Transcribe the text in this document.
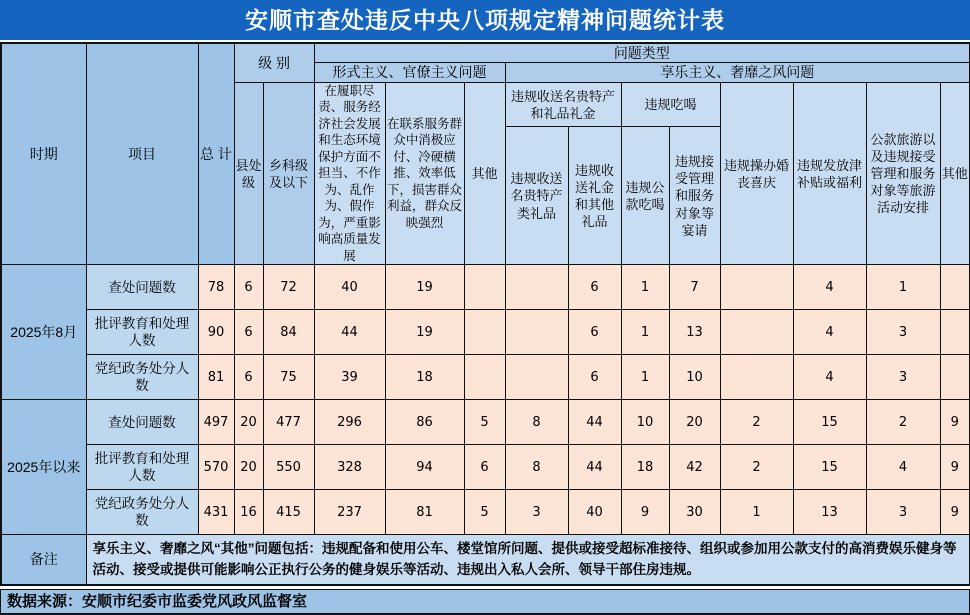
安顺市查处违反中央八项规定精神问题统计表
时期	项目	总 计	级 别		问题类型										
					形式主义、官僚主义问题			享乐主义、奢靡之风问题							
			县处级	乡科级及以下	在履职尽责、服务经济社会发展和生态环境保护方面不担当、不作为、乱作为、假作为，严重影响高质量发展	在联系服务群众中消极应付、冷硬横推、效率低下，损害群众利益，群众反映强烈	其他	违规收送名贵特产和礼品礼金		违规吃喝		违规操办婚丧喜庆	违规发放津补贴或福利	公款旅游以及违规接受管理和服务对象等旅游活动安排	其他
								违规收送名贵特产类礼品	违规收送礼金和其他礼品	违规公款吃喝	违规接受管理和服务对象等宴请				
2025年8月	查处问题数	78	6	72	40	19			6	1	7		4	1	
	批评教育和处理人数	90	6	84	44	19			6	1	13		4	3	
	党纪政务处分人数	81	6	75	39	18			6	1	10		4	3	
2025年以来	查处问题数	497	20	477	296	86	5	8	44	10	20	2	15	2	9
	批评教育和处理人数	570	20	550	328	94	6	8	44	18	42	2	15	4	9
	党纪政务处分人数	431	16	415	237	81	5	3	40	9	30	1	13	3	9
备注	享乐主义、奢靡之风“其他”问题包括：违规配备和使用公车、楼堂馆所问题、提供或接受超标准接待、组织或参加用公款支付的高消费娱乐健身等活动、接受或提供可能影响公正执行公务的健身娱乐等活动、违规出入私人会所、领导干部住房违规。														
数据来源：安顺市纪委市监委党风政风监督室
